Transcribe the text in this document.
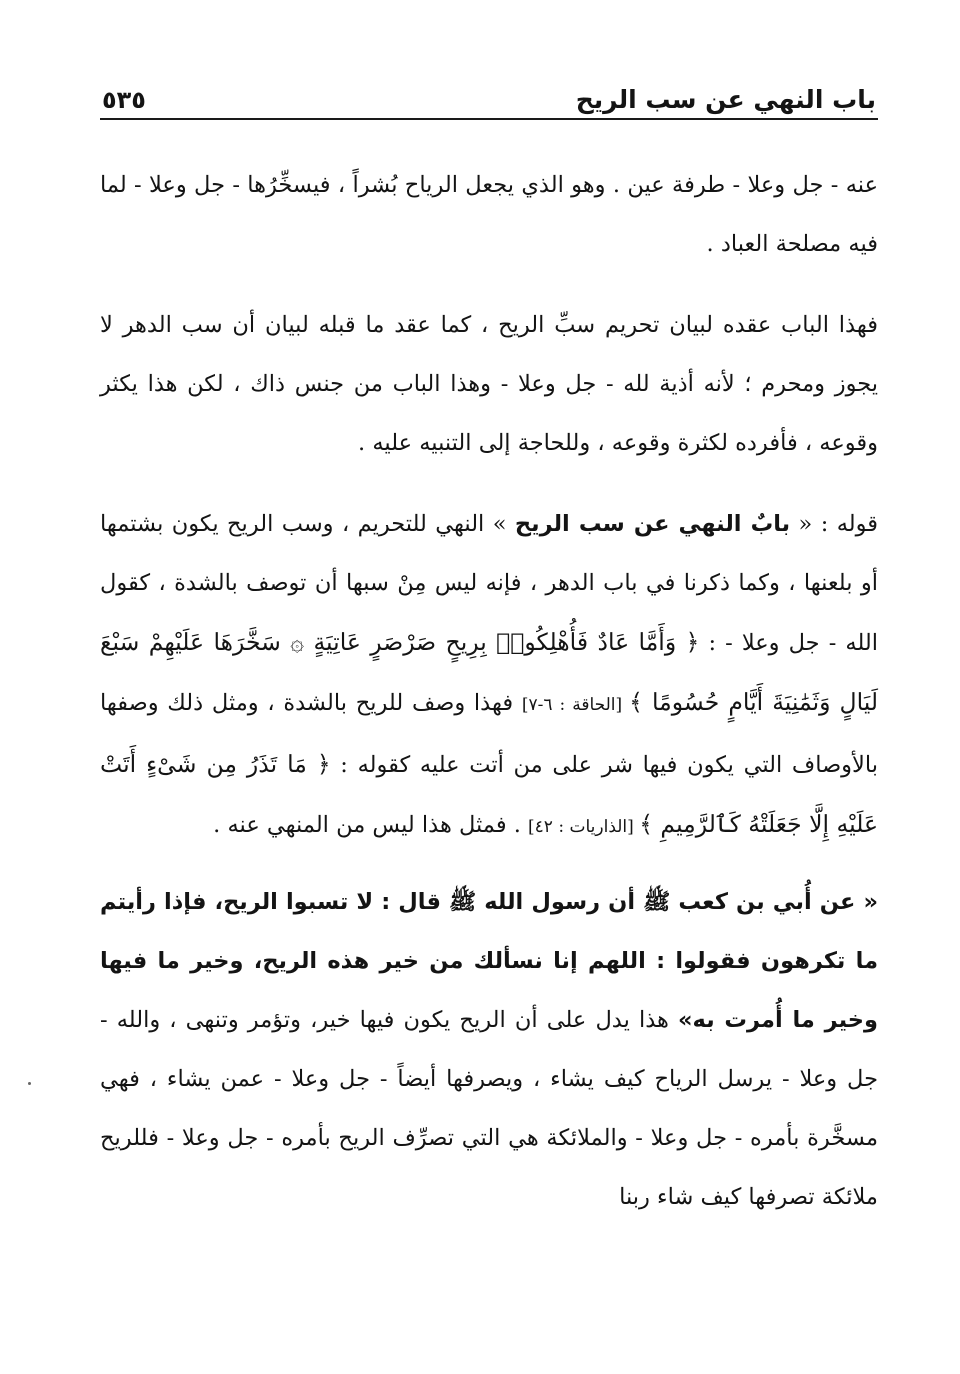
باب النهي عن سب الريح
٥٣٥

عنه - جل وعلا - طرفة عين . وهو الذي يجعل الرياح بُشراً ، فيسخِّرُها - جل وعلا - لما فيه مصلحة العباد .

فهذا الباب عقده لبيان تحريم سبِّ الريح ، كما عقد ما قبله لبيان أن سب الدهر لا يجوز ومحرم ؛ لأنه أذية لله - جل وعلا - وهذا الباب من جنس ذاك ، لكن هذا يكثر وقوعه ، فأفرده لكثرة وقوعه ، وللحاجة إلى التنبيه عليه .

قوله : « بابٌ النهي عن سب الريح » النهي للتحريم ، وسب الريح يكون بشتمها أو بلعنها ، وكما ذكرنا في باب الدهر ، فإنه ليس مِنْ سبها أن توصف بالشدة ، كقول الله - جل وعلا - : ﴿ وَأَمَّا عَادٌ فَأُهْلِكُوا۟ بِرِيحٍ صَرْصَرٍ عَاتِيَةٍ ۞ سَخَّرَهَا عَلَيْهِمْ سَبْعَ لَيَالٍ وَثَمَٰنِيَةَ أَيَّامٍ حُسُومًا ﴾ [الحاقة : ٦-٧] فهذا وصف للريح بالشدة ، ومثل ذلك وصفها بالأوصاف التي يكون فيها شر على من أتت عليه كقوله : ﴿ مَا تَذَرُ مِن شَىْءٍ أَتَتْ عَلَيْهِ إِلَّا جَعَلَتْهُ كَٱلرَّمِيمِ ﴾ [الذاريات : ٤٢] . فمثل هذا ليس من المنهي عنه .

« عن أُبي بن كعب ﷺ أن رسول الله ﷺ قال : لا تسبوا الريح، فإذا رأيتم ما تكرهون فقولوا : اللهم إنا نسألك من خير هذه الريح، وخير ما فيها وخير ما أُمرت به» هذا يدل على أن الريح يكون فيها خير، وتؤمر وتنهى ، والله - جل وعلا - يرسل الرياح كيف يشاء ، ويصرفها أيضاً - جل وعلا - عمن يشاء ، فهي مسخَّرة بأمره - جل وعلا - والملائكة هي التي تصرِّف الريح بأمره - جل وعلا - فللريح ملائكة تصرفها كيف شاء ربنا
